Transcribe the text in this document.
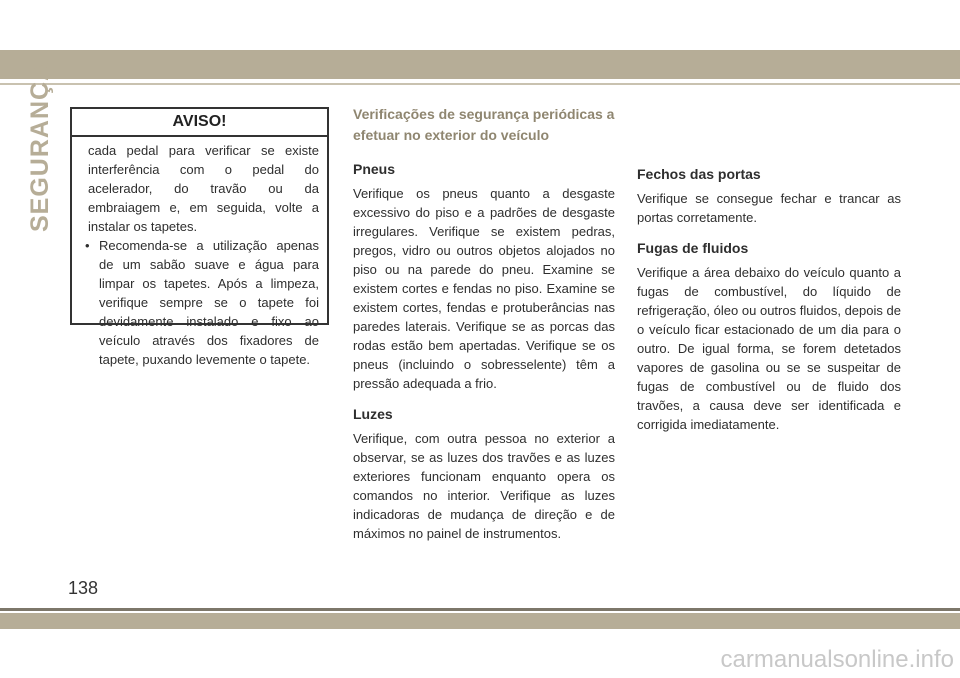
SEGURANÇA	AVISO!

cada pedal para verificar se existe interferência com o pedal do acelerador, do travão ou da embraiagem e, em seguida, volte a instalar os tapetes.

• Recomenda-se a utilização apenas de um sabão suave e água para limpar os tapetes. Após a limpeza, verifique sempre se o tapete foi devidamente instalado e fixo ao veículo através dos fixadores de tapete, puxando levemente o tapete.

Verificações de segurança periódicas a
efetuar no exterior do veículo
Pneus

Verifique os pneus quanto a desgaste excessivo do piso e a padrões de desgaste irregulares. Verifique se existem pedras, pregos, vidro ou outros objetos alojados no piso ou na parede do pneu. Examine se existem cortes e fendas no piso. Examine se existem cortes, fendas e protuberâncias nas paredes laterais. Verifique se as porcas das rodas estão bem apertadas. Verifique se os pneus (incluindo o sobresselente) têm a pressão adequada a frio.

Luzes

Verifique, com outra pessoa no exterior a observar, se as luzes dos travões e as luzes exteriores funcionam enquanto opera os comandos no interior. Verifique as luzes indicadoras de mudança de direção e de máximos no painel de instrumentos.

Fechos das portas

Verifique se consegue fechar e trancar as portas corretamente.

Fugas de fluidos

Verifique a área debaixo do veículo quanto a fugas de combustível, do líquido de refrigeração, óleo ou outros fluidos, depois de o veículo ficar estacionado de um dia para o outro. De igual forma, se forem detetados vapores de gasolina ou se se suspeitar de fugas de combustível ou de fluido dos travões, a causa deve ser identificada e corrigida imediatamente.

138
carmanualsonline.info
